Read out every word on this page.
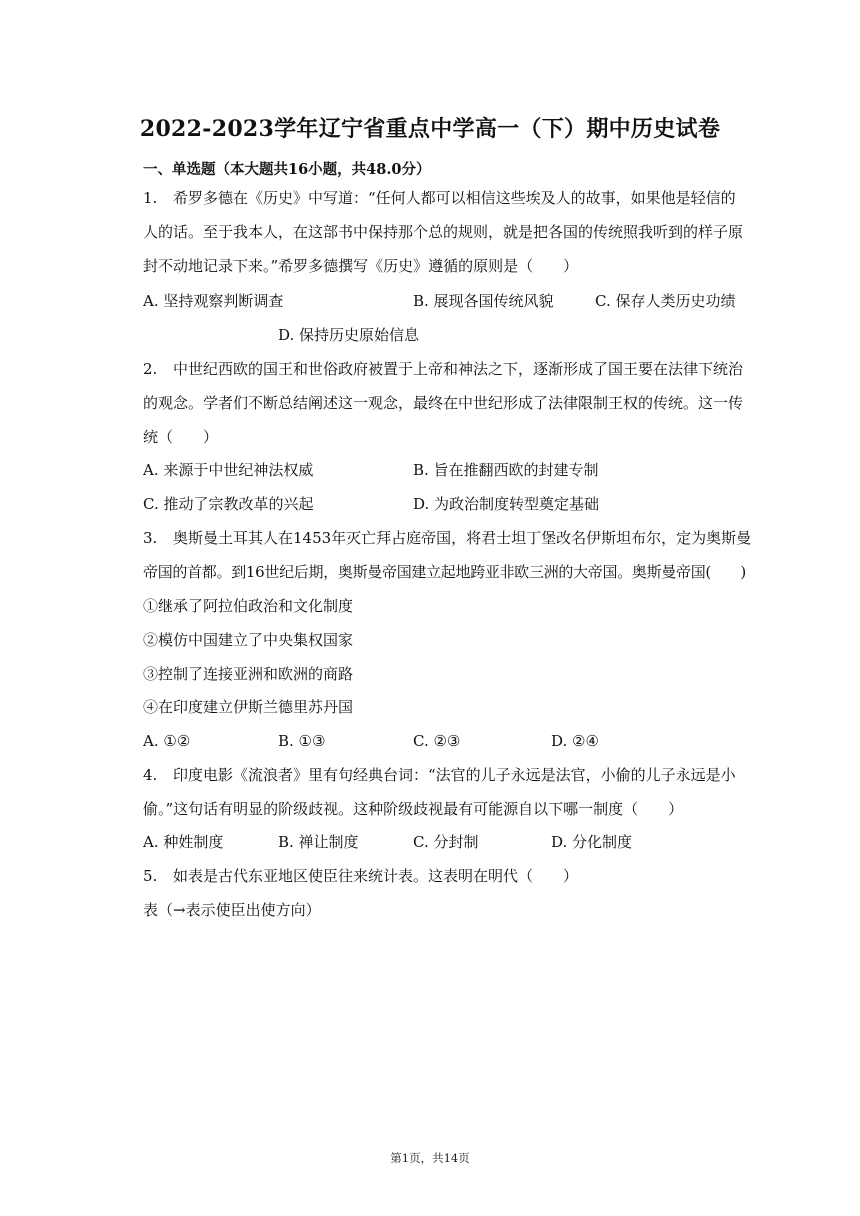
2022-2023学年辽宁省重点中学高一（下）期中历史试卷
一、单选题（本大题共16小题，共48.0分）
1. 希罗多德在《历史》中写道：“任何人都可以相信这些埃及人的故事，如果他是轻信的
人的话。至于我本人，在这部书中保持那个总的规则，就是把各国的传统照我听到的样子原
封不动地记录下来。”希罗多德撰写《历史》遵循的原则是（　　）
A. 坚持观察判断调查	B. 展现各国传统风貌	C. 保存人类历史功绩
D. 保持历史原始信息
2. 中世纪西欧的国王和世俗政府被置于上帝和神法之下，逐渐形成了国王要在法律下统治
的观念。学者们不断总结阐述这一观念，最终在中世纪形成了法律限制王权的传统。这一传
统（　　）
A. 来源于中世纪神法权威	B. 旨在推翻西欧的封建专制
C. 推动了宗教改革的兴起	D. 为政治制度转型奠定基础
3. 奥斯曼土耳其人在1453年灭亡拜占庭帝国，将君士坦丁堡改名伊斯坦布尔，定为奥斯曼
帝国的首都。到16世纪后期，奥斯曼帝国建立起地跨亚非欧三洲的大帝国。奥斯曼帝国(　　)
①继承了阿拉伯政治和文化制度
②模仿中国建立了中央集权国家
③控制了连接亚洲和欧洲的商路
④在印度建立伊斯兰德里苏丹国
A. ①②	B. ①③	C. ②③	D. ②④
4. 印度电影《流浪者》里有句经典台词：“法官的儿子永远是法官，小偷的儿子永远是小
偷。”这句话有明显的阶级歧视。这种阶级歧视最有可能源自以下哪一制度（　　）
A. 种姓制度	B. 禅让制度	C. 分封制	D. 分化制度
5. 如表是古代东亚地区使臣往来统计表。这表明在明代（　　）
表（→表示使臣出使方向）
第1页，共14页
